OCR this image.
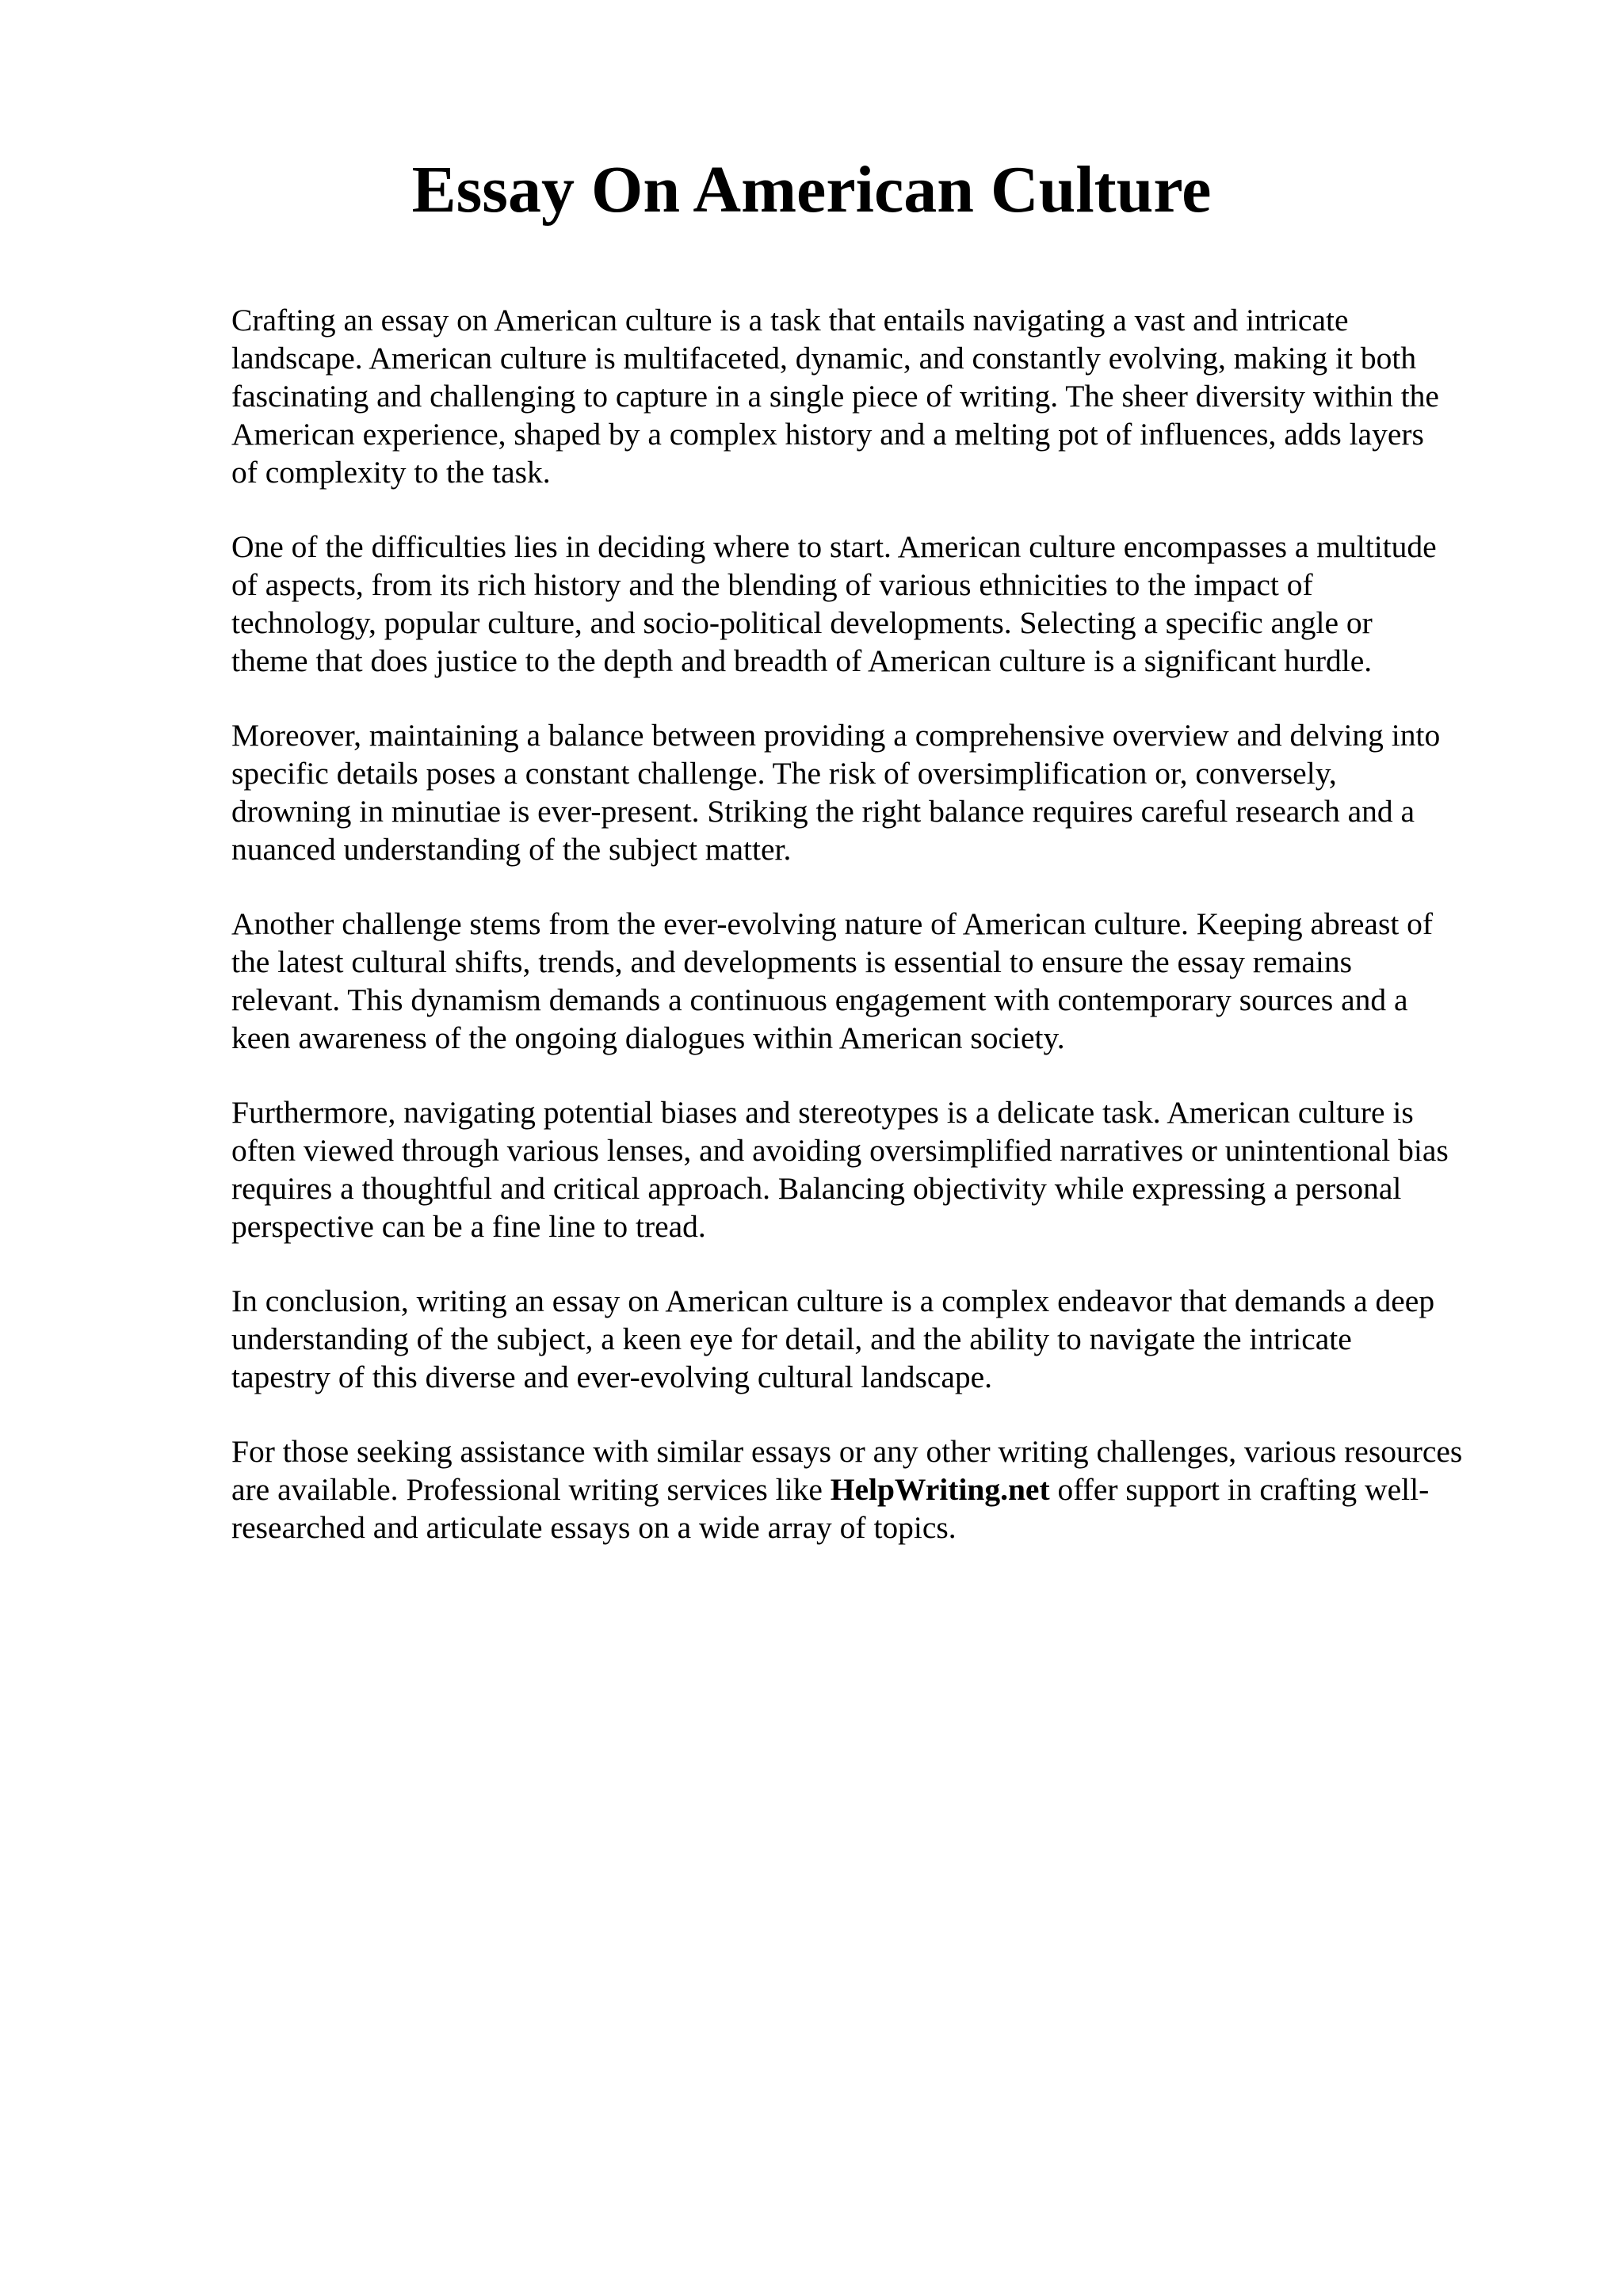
Essay On American Culture

Crafting an essay on American culture is a task that entails navigating a vast and intricate
landscape. American culture is multifaceted, dynamic, and constantly evolving, making it both
fascinating and challenging to capture in a single piece of writing. The sheer diversity within the
American experience, shaped by a complex history and a melting pot of influences, adds layers
of complexity to the task.

One of the difficulties lies in deciding where to start. American culture encompasses a multitude
of aspects, from its rich history and the blending of various ethnicities to the impact of
technology, popular culture, and socio-political developments. Selecting a specific angle or
theme that does justice to the depth and breadth of American culture is a significant hurdle.

Moreover, maintaining a balance between providing a comprehensive overview and delving into
specific details poses a constant challenge. The risk of oversimplification or, conversely,
drowning in minutiae is ever-present. Striking the right balance requires careful research and a
nuanced understanding of the subject matter.

Another challenge stems from the ever-evolving nature of American culture. Keeping abreast of
the latest cultural shifts, trends, and developments is essential to ensure the essay remains
relevant. This dynamism demands a continuous engagement with contemporary sources and a
keen awareness of the ongoing dialogues within American society.

Furthermore, navigating potential biases and stereotypes is a delicate task. American culture is
often viewed through various lenses, and avoiding oversimplified narratives or unintentional bias
requires a thoughtful and critical approach. Balancing objectivity while expressing a personal
perspective can be a fine line to tread.

In conclusion, writing an essay on American culture is a complex endeavor that demands a deep
understanding of the subject, a keen eye for detail, and the ability to navigate the intricate
tapestry of this diverse and ever-evolving cultural landscape.

For those seeking assistance with similar essays or any other writing challenges, various resources
are available. Professional writing services like HelpWriting.net offer support in crafting well-
researched and articulate essays on a wide array of topics.
